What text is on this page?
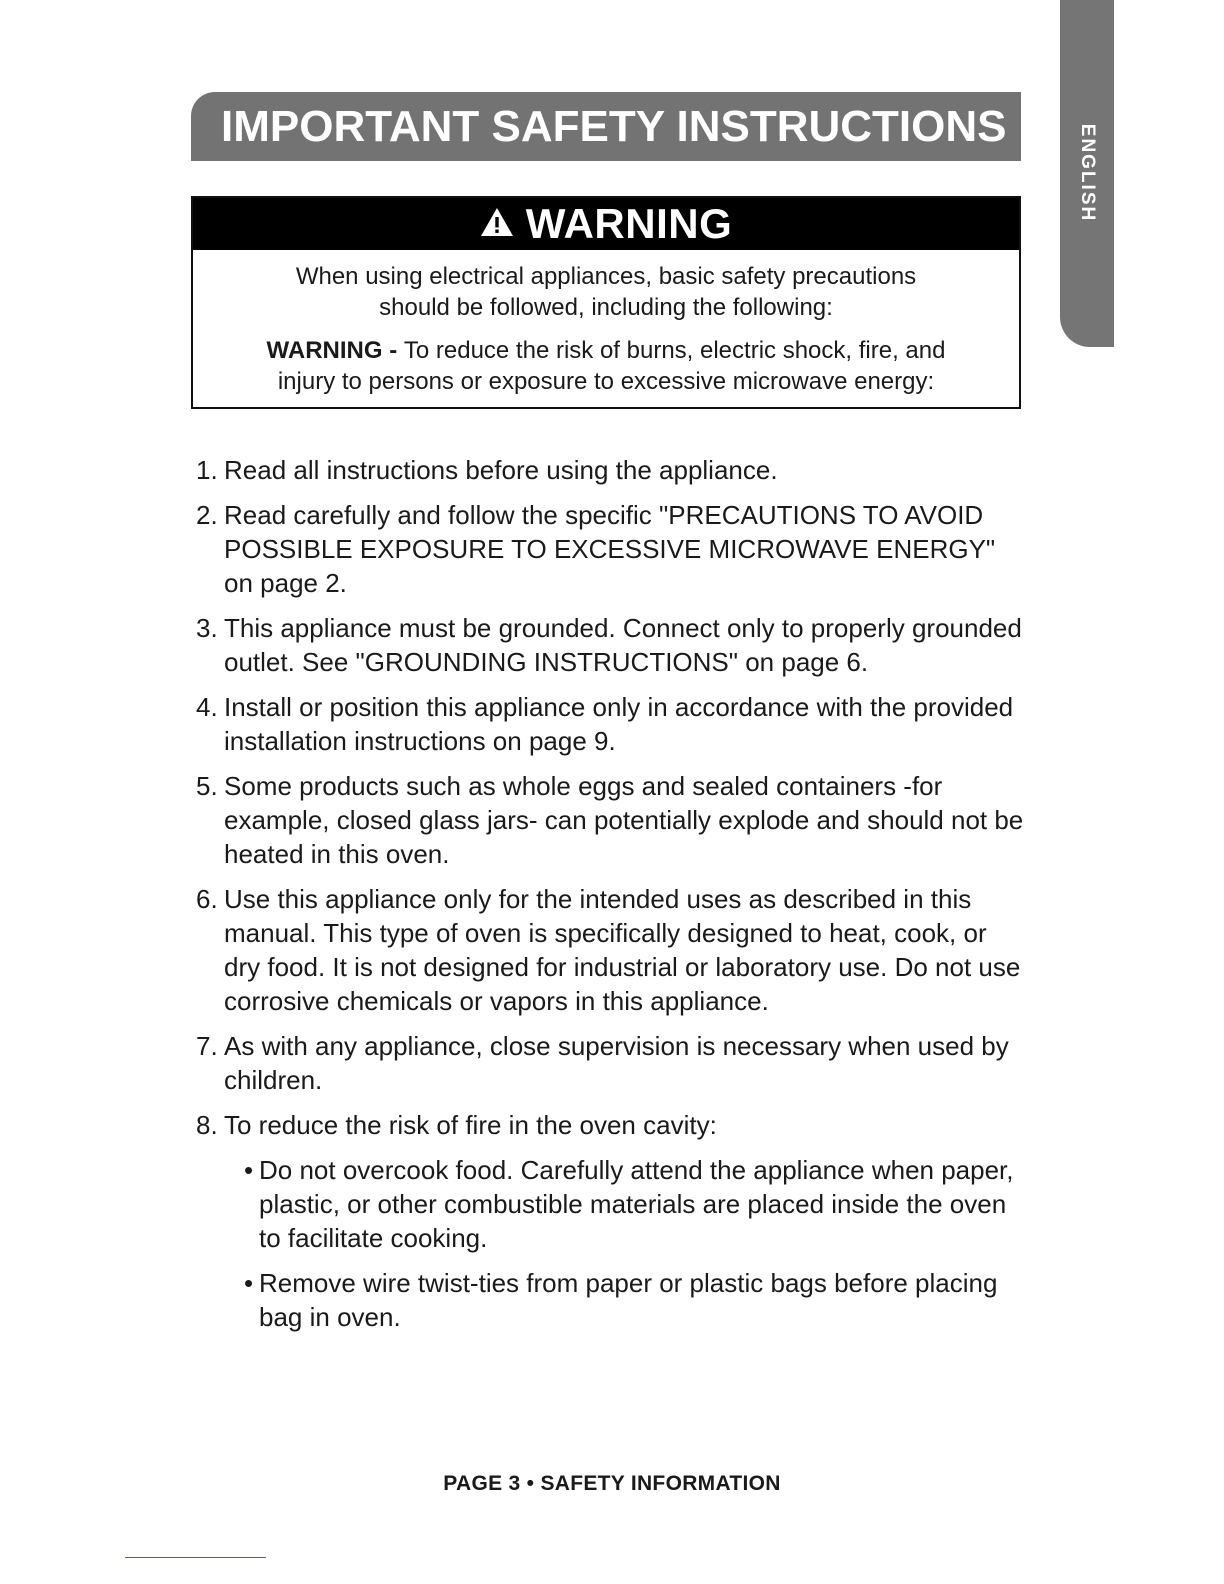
ENGLISH
IMPORTANT SAFETY INSTRUCTIONS
WARNING

When using electrical appliances, basic safety precautions
should be followed, including the following:

WARNING - To reduce the risk of burns, electric shock, fire, and
injury to persons or exposure to excessive microwave energy:

1. Read all instructions before using the appliance.
2. Read carefully and follow the specific "PRECAUTIONS TO AVOID POSSIBLE EXPOSURE TO EXCESSIVE MICROWAVE ENERGY" on page 2.
3. This appliance must be grounded. Connect only to properly grounded outlet. See "GROUNDING INSTRUCTIONS" on page 6.
4. Install or position this appliance only in accordance with the provided installation instructions on page 9.
5. Some products such as whole eggs and sealed containers -for example, closed glass jars- can potentially explode and should not be heated in this oven.
6. Use this appliance only for the intended uses as described in this manual. This type of oven is specifically designed to heat, cook, or dry food. It is not designed for industrial or laboratory use. Do not use corrosive chemicals or vapors in this appliance.
7. As with any appliance, close supervision is necessary when used by children.
8. To reduce the risk of fire in the oven cavity:
• Do not overcook food. Carefully attend the appliance when paper, plastic, or other combustible materials are placed inside the oven to facilitate cooking.
• Remove wire twist-ties from paper or plastic bags before placing bag in oven.
PAGE 3 • SAFETY INFORMATION
